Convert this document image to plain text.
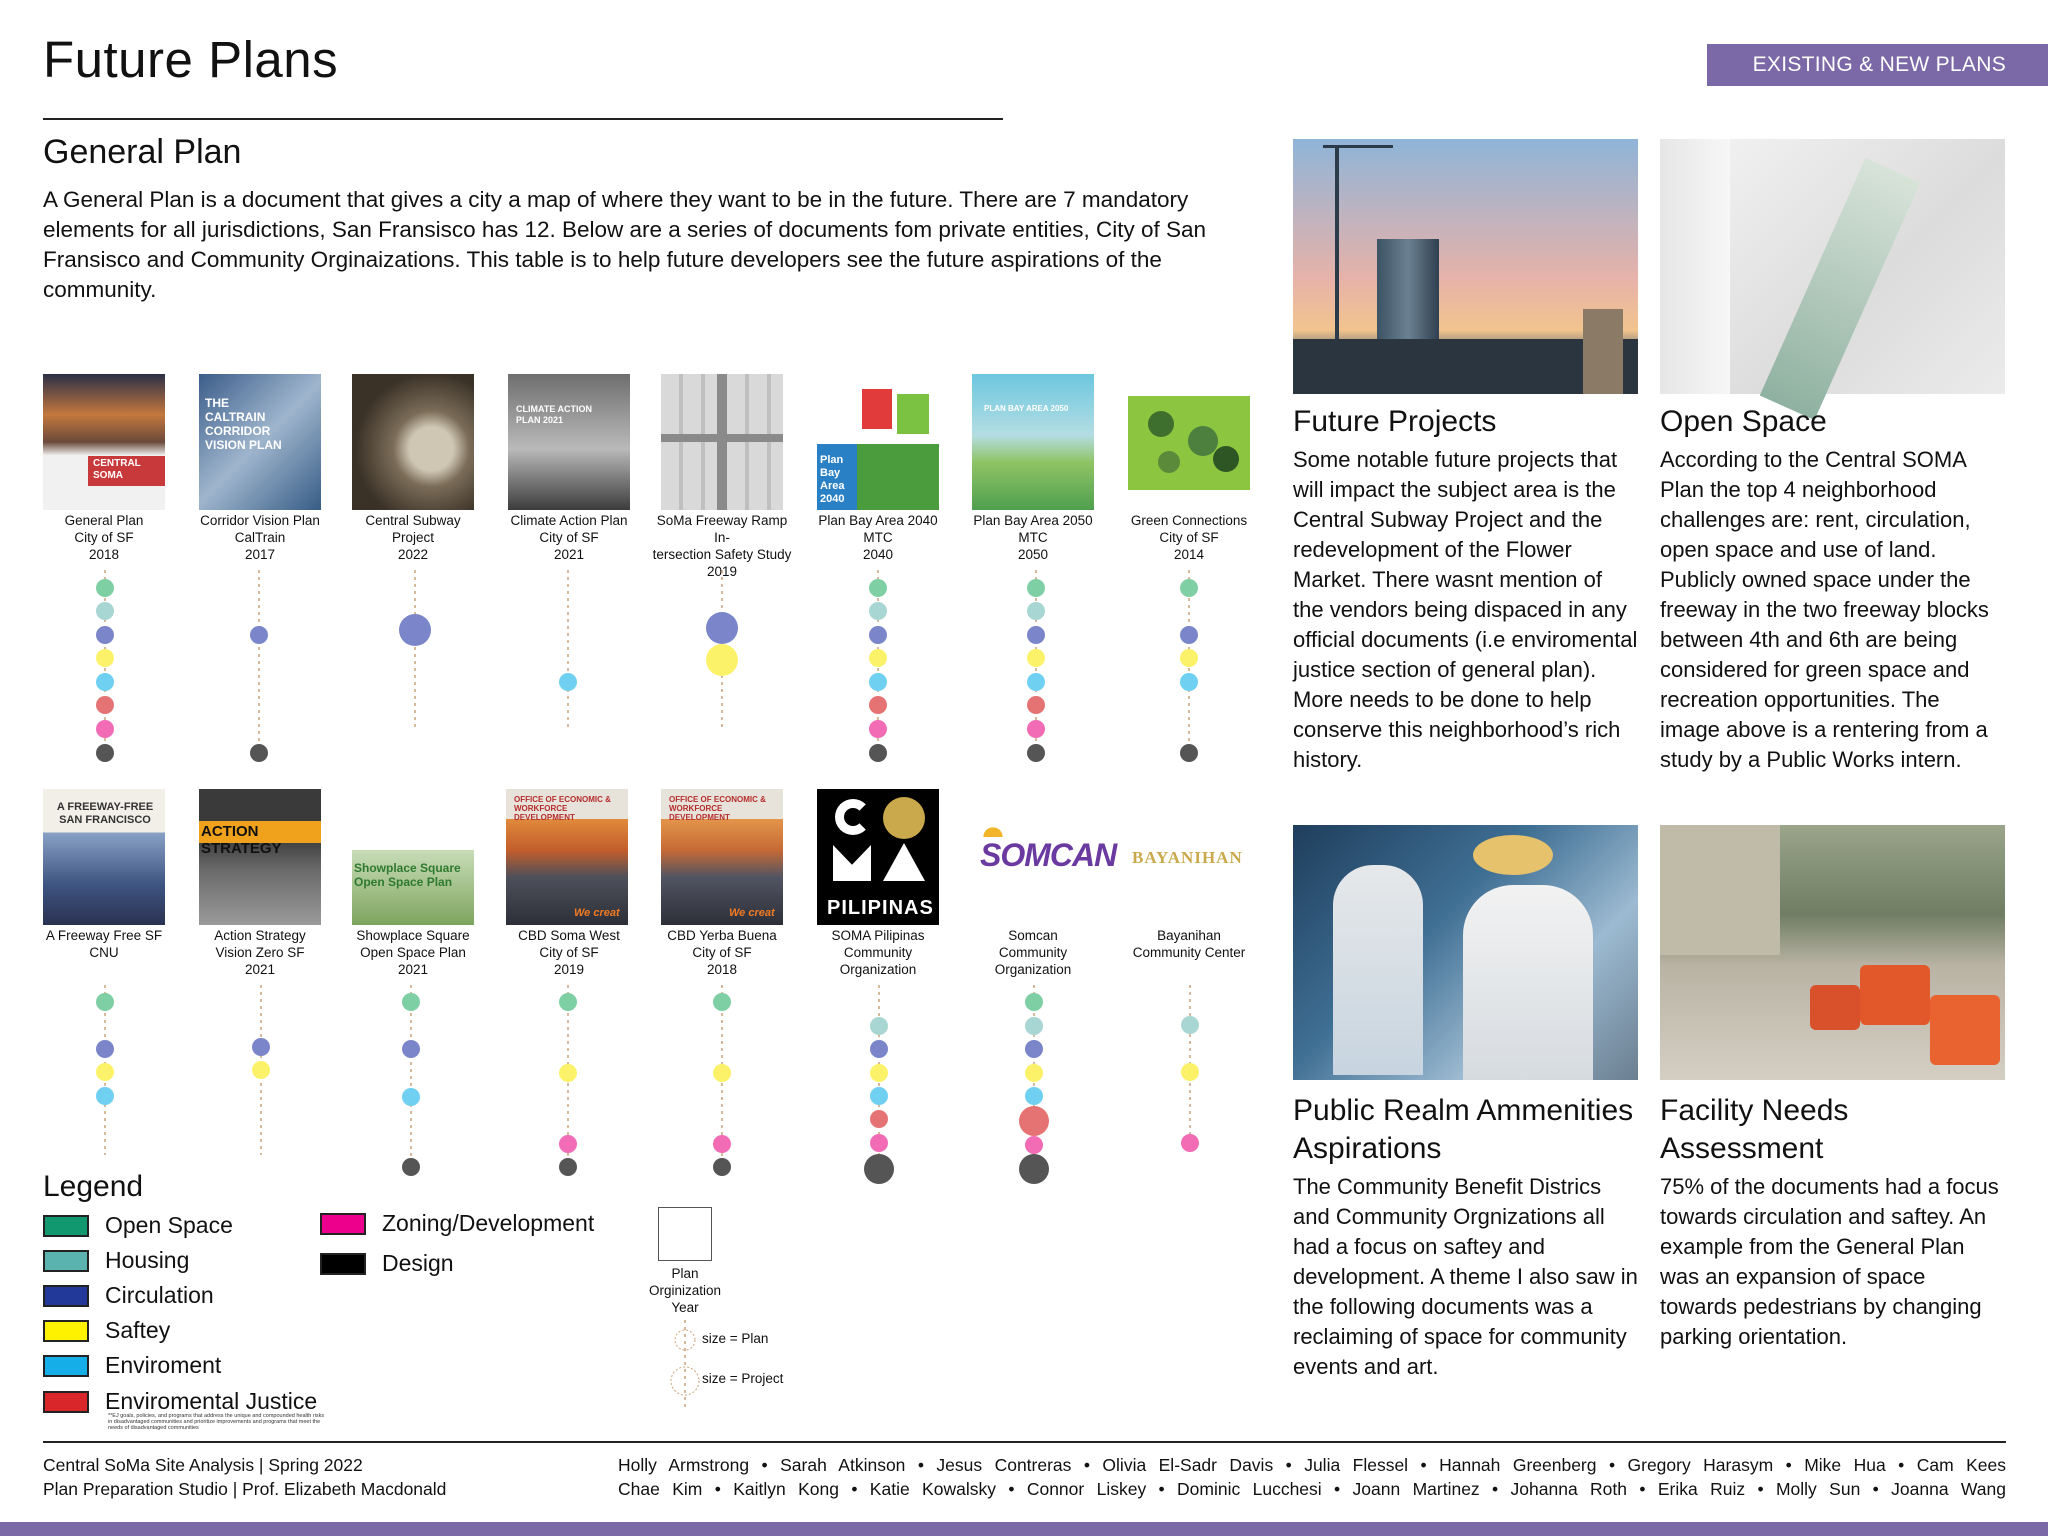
Future Plans	EXISTING & NEW PLANS
General Plan
A General Plan is a document that gives a city a map of where they want to be in the future. There are 7 mandatory elements for all jurisdictions, San Fransisco has 12. Below are a series of documents fom private entities, City of San Fransisco and Community Orginaizations. This table is to help future developers see the future aspirations of the community.
CENTRAL SOMA
THE CALTRAIN CORRIDOR VISION PLAN
CLIMATE ACTION PLAN 2021
Plan Bay Area 2040
PLAN BAY AREA 2050
General Plan
City of SF
2018
Corridor Vision Plan
CalTrain
2017
Central Subway
Project
2022
Climate Action Plan
City of SF
2021
SoMa Freeway Ramp In-
tersection Safety Study
2019
Plan Bay Area 2040
MTC
2040
Plan Bay Area 2050
MTC
2050
Green Connections
City of SF
2014
A FREEWAY-FREE SAN FRANCISCO
ACTION STRATEGY
Showplace Square Open Space Plan
OFFICE OF ECONOMIC & WORKFORCE DEVELOPMENT
We creat
OFFICE OF ECONOMIC & WORKFORCE DEVELOPMENT
We creat	PILIPINAS
SOMCAN BAYANIHAN
A Freeway Free SF
CNU
Action Strategy
Vision Zero SF
2021
Showplace Square
Open Space Plan
2021
CBD Soma West
City of SF
2019
CBD Yerba Buena
City of SF
2018
SOMA Pilipinas
Community
Organization
Somcan
Community
Organization
Bayanihan
Community Center
Legend
Open Space
Housing
Circulation
Saftey
Enviroment
Enviromental Justice
Zoning/Development
Design
**EJ goals, policies, and programs that address the unique and compounded health risks in disadvantaged communities and prioritize improvements and programs that meet the needs of disadvantaged communities
Plan
Orginization
Year
size = Plan
size = Project
Future Projects
Some notable future projects that will impact the subject area is the Central Subway Project and the redevelopment of the Flower Market. There wasnt mention of the vendors being dispaced in any official documents (i.e enviromental justice section of general plan). More needs to be done to help conserve this neighborhood’s rich history.
Open Space
According to the Central SOMA Plan the top 4 neighborhood challenges are: rent, circulation, open space and use of land. Publicly owned space under the freeway in the two freeway blocks between 4th and 6th are being considered for green space and recreation opportunities. The image above is a rentering from a study by a Public Works intern.
Public Realm Ammenities
Aspirations
The Community Benefit Districs and Community Orgnizations all had a focus on saftey and development. A theme I also saw in the following documents was a reclaiming of space for community events and art.
Facility Needs
Assessment
75% of the documents had a focus towards circulation and saftey. An example from the General Plan was an expansion of space towards pedestrians by changing parking orientation.
Central SoMa Site Analysis | Spring 2022
Plan Preparation Studio | Prof. Elizabeth Macdonald
Holly Armstrong • Sarah Atkinson • Jesus Contreras • Olivia El-Sadr Davis • Julia Flessel • Hannah Greenberg • Gregory Harasym • Mike Hua • Cam Kees
Chae Kim • Kaitlyn Kong • Katie Kowalsky • Connor Liskey • Dominic Lucchesi • Joann Martinez • Johanna Roth • Erika Ruiz • Molly Sun • Joanna Wang
